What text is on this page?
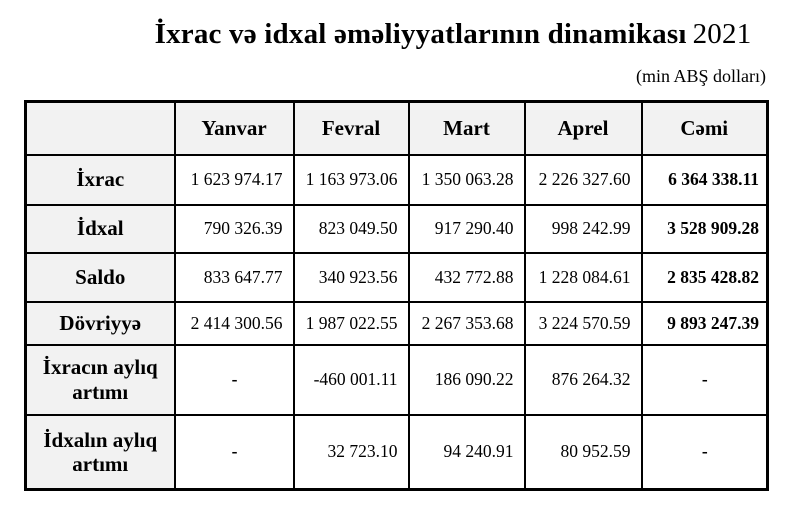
İxrac və idxal əməliyyatlarının dinamikası 2021
(min ABŞ dolları)
	Yanvar	Fevral	Mart	Aprel	Cəmi
İxrac	1 623 974.17	1 163 973.06	1 350 063.28	2 226 327.60	6 364 338.11
İdxal	790 326.39	823 049.50	917 290.40	998 242.99	3 528 909.28
Saldo	833 647.77	340 923.56	432 772.88	1 228 084.61	2 835 428.82
Dövriyyə	2 414 300.56	1 987 022.55	2 267 353.68	3 224 570.59	9 893 247.39
İxracın aylıq artımı	-	-460 001.11	186 090.22	876 264.32	-
İdxalın aylıq artımı	-	32 723.10	94 240.91	80 952.59	-
